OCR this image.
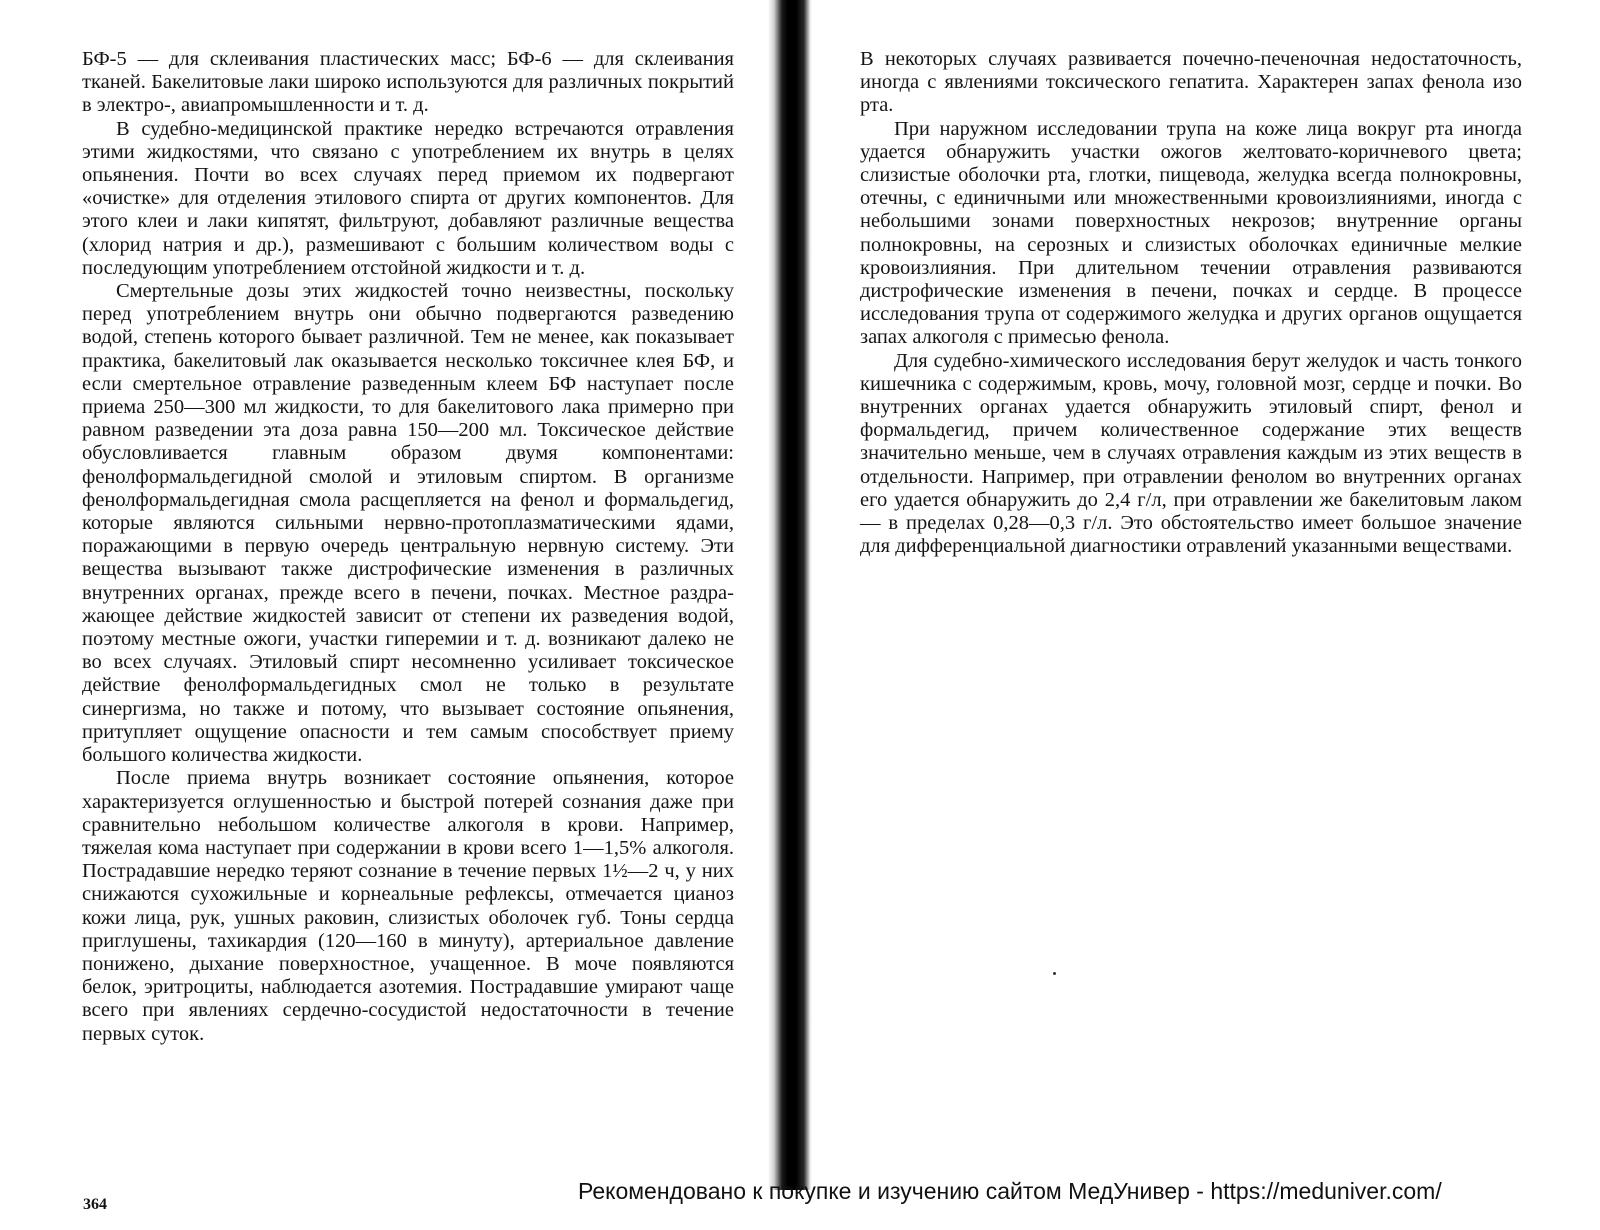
БФ-5 — для склеивания пластических масс; БФ-6 — для склеивания тканей. Бакелитовые лаки широко используются для различных покрытий в электро-, авиапромышленности и т. д.

В судебно-медицинской практике нередко встречаются отравления этими жидкостями, что связано с употреблением их внутрь в целях опьянения. Почти во всех случаях перед приемом их подвергают «очистке» для отделения этилового спирта от других компонентов. Для этого клеи и лаки кипятят, фильтруют, добавляют различные вещества (хлорид натрия и др.), размешивают с большим количеством воды с последующим употреблением отстойной жидкости и т. д.

Смертельные дозы этих жидкостей точно неизвестны, поскольку перед употреблением внутрь они обычно подвергаются разведению водой, степень которого бывает различной. Тем не менее, как показывает практика, бакелитовый лак оказывается несколько токсичнее клея БФ, и если смертельное отравление разведенным клеем БФ наступает после приема 250—300 мл жидкости, то для бакелитового лака примерно при равном разведении эта доза равна 150—200 мл. Токсическое действие обусловливается главным образом двумя компонентами: фенолформальдегидной смолой и этиловым спиртом. В организме фенолформальдегидная смола расщепляется на фенол и формальдегид, которые являются сильными нервно-протоплазматическими ядами, поражающими в первую очередь центральную нервную систему. Эти вещества вызывают также дистрофические изменения в различных внутренних органах, прежде всего в печени, почках. Местное раздражающее действие жидкостей зависит от степени их разведения водой, поэтому местные ожоги, участки гиперемии и т. д. возникают далеко не во всех случаях. Этиловый спирт несомненно усиливает токсическое действие фенолформальдегидных смол не только в результате синергизма, но также и потому, что вызывает состояние опьянения, притупляет ощущение опасности и тем самым способствует приему большого количества жидкости.

После приема внутрь возникает состояние опьянения, которое характеризуется оглушенностью и быстрой потерей сознания даже при сравнительно небольшом количестве алкоголя в крови. Например, тяжелая кома наступает при содержании в крови всего 1—1,5% алкоголя. Пострадавшие нередко теряют сознание в течение первых 1½—2 ч, у них снижаются сухожильные и корнеальные рефлексы, отмечается цианоз кожи лица, рук, ушных раковин, слизистых оболочек губ. Тоны сердца приглушены, тахикардия (120—160 в минуту), артериальное давление понижено, дыхание поверхностное, учащенное. В моче появляются белок, эритроциты, наблюдается азотемия. Пострадавшие умирают чаще всего при явлениях сердечно-сосудистой недостаточности в течение первых суток.

364

В некоторых случаях развивается почечно-печеночная недостаточность, иногда с явлениями токсического гепатита. Характерен запах фенола изо рта.

При наружном исследовании трупа на коже лица вокруг рта иногда удается обнаружить участки ожогов желтовато-коричневого цвета; слизистые оболочки рта, глотки, пищевода, желудка всегда полнокровны, отечны, с единичными или множественными кровоизлияниями, иногда с небольшими зонами поверхностных некрозов; внутренние органы полнокровны, на серозных и слизистых оболочках единичные мелкие кровоизлияния. При длительном течении отравления развиваются дистрофические изменения в печени, почках и сердце. В процессе исследования трупа от содержимого желудка и других органов ощущается запах алкоголя с примесью фенола.

Для судебно-химического исследования берут желудок и часть тонкого кишечника с содержимым, кровь, мочу, головной мозг, сердце и почки. Во внутренних органах удается обнаружить этиловый спирт, фенол и формальдегид, причем количественное содержание этих веществ значительно меньше, чем в случаях отравления каждым из этих веществ в отдельности. Например, при отравлении фенолом во внутренних органах его удается обнаружить до 2,4 г/л, при отравлении же бакелитовым лаком — в пределах 0,28—0,3 г/л. Это обстоятельство имеет большое значение для дифференциальной диагностики отравлений указанными веществами.

Рекомендовано к покупке и изучению сайтом МедУнивер - https://meduniver.com/
